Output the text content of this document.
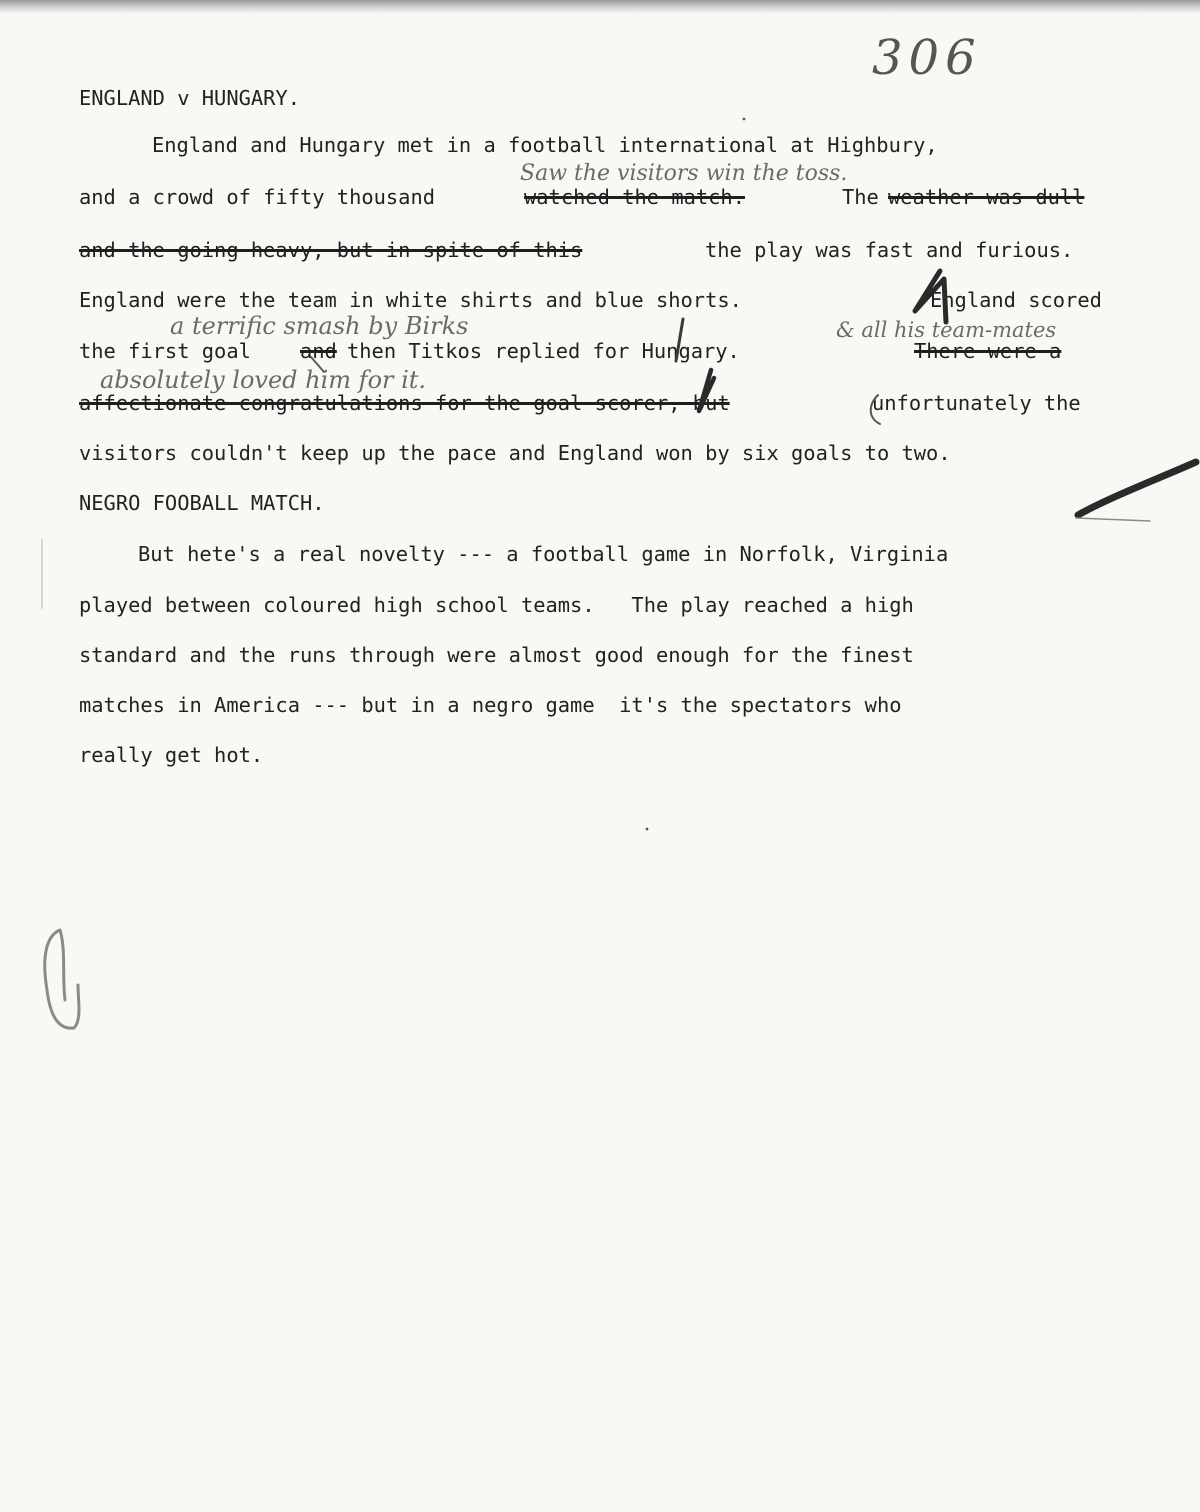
306
ENGLAND v HUNGARY.
England and Hungary met in a football international at Highbury,
Saw the visitors win the toss.
and a crowd of fifty thousand	watched the match.	The weather was dull
and the going heavy, but in spite of this	the play was fast and furious.
England were the team in white shirts and blue shorts.	England scored
a terrific smash by Birks	& all his team-mates
the first goal and then Titkos replied for Hungary.	There were a
absolutely loved him for it.
affectionate congratulations for the goal scorer, but	unfortunately the
visitors couldn't keep up the pace and England won by six goals to two.
NEGRO FOOBALL MATCH.
But hete's a real novelty --- a football game in Norfolk, Virginia
played between coloured high school teams.   The play reached a high
standard and the runs through were almost good enough for the finest
matches in America --- but in a negro game  it's the spectators who
really get hot.
